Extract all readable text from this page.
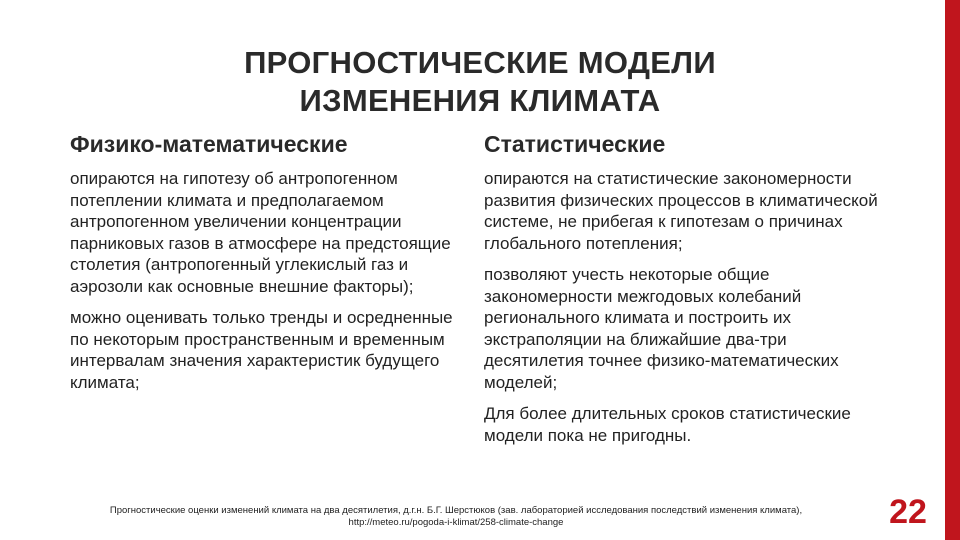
ПРОГНОСТИЧЕСКИЕ МОДЕЛИ
ИЗМЕНЕНИЯ КЛИМАТА
Физико-математические

опираются на гипотезу об антропогенном потеплении климата и предполагаемом антропогенном увеличении концентрации парниковых газов в атмосфере на предстоящие столетия (антропогенный углекислый газ и аэрозоли как основные внешние факторы);

можно оценивать только тренды и осредненные по некоторым пространственным и временным интервалам значения характеристик будущего климата;

Статистические

опираются на статистические закономерности развития физических процессов в климатической системе, не прибегая к гипотезам о причинах глобального потепления;

позволяют учесть некоторые общие закономерности межгодовых колебаний регионального климата и построить их экстраполяции на ближайшие два-три десятилетия точнее физико-математических моделей;

Для более длительных сроков статистические модели пока не пригодны.

Прогностические оценки изменений климата на два десятилетия, д.г.н. Б.Г. Шерстюков (зав. лабораторией исследования последствий изменения климата),
http://meteo.ru/pogoda-i-klimat/258-climate-change	22
